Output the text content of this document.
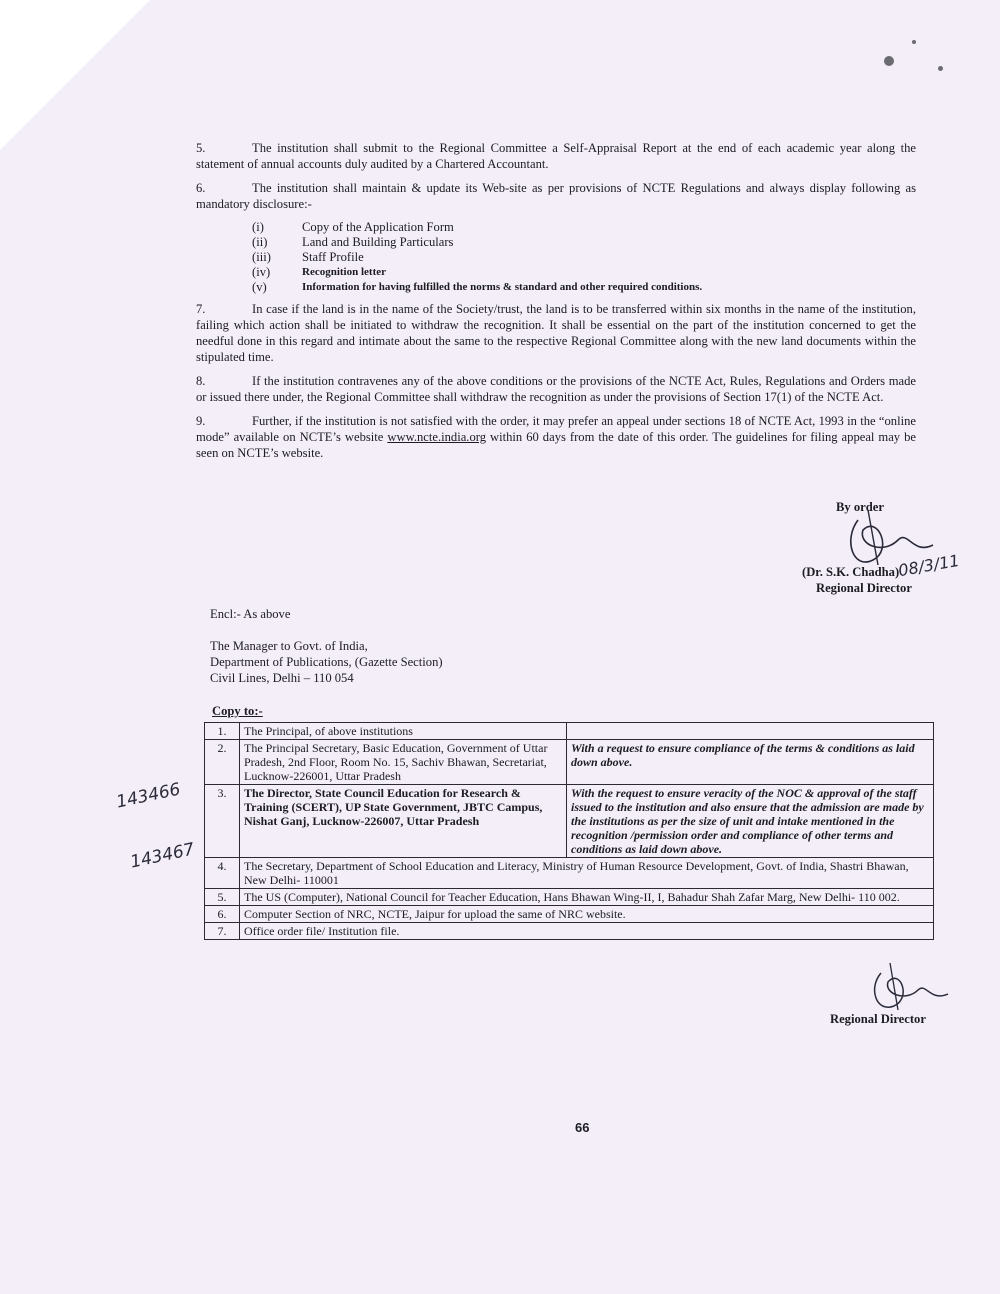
5.	The institution shall submit to the Regional Committee a Self-Appraisal Report at the end of each academic year along the statement of annual accounts duly audited by a Chartered Accountant.

6.	The institution shall maintain & update its Web-site as per provisions of NCTE Regulations and always display following as mandatory disclosure:-

(i)	Copy of the Application Form
(ii)	Land and Building Particulars
(iii)	Staff Profile
(iv)	Recognition letter
(v)	Information for having fulfilled the norms & standard and other required conditions.

7.	In case if the land is in the name of the Society/trust, the land is to be transferred within six months in the name of the institution, failing which action shall be initiated to withdraw the recognition. It shall be essential on the part of the institution concerned to get the needful done in this regard and intimate about the same to the respective Regional Committee along with the new land documents within the stipulated time.

8.	If the institution contravenes any of the above conditions or the provisions of the NCTE Act, Rules, Regulations and Orders made or issued there under, the Regional Committee shall withdraw the recognition as under the provisions of Section 17(1) of the NCTE Act.

9.	Further, if the institution is not satisfied with the order, it may prefer an appeal under sections 18 of NCTE Act, 1993 in the “online mode” available on NCTE’s website www.ncte.india.org within 60 days from the date of this order. The guidelines for filing appeal may be seen on NCTE’s website.

By order
(Dr. S.K. Chadha)
08/3/11
Regional Director
Encl:- As above
The Manager to Govt. of India,
Department of Publications, (Gazette Section)
Civil Lines, Delhi – 110 054
Copy to:-
1.	The Principal, of above institutions	
2.	The Principal Secretary, Basic Education, Government of Uttar Pradesh, 2nd Floor, Room No. 15, Sachiv Bhawan, Secretariat, Lucknow-226001, Uttar Pradesh	With a request to ensure compliance of the terms & conditions as laid down above.
3.	The Director, State Council Education for Research & Training (SCERT), UP State Government, JBTC Campus, Nishat Ganj, Lucknow-226007, Uttar Pradesh	With the request to ensure veracity of the NOC & approval of the staff issued to the institution and also ensure that the admission are made by the institutions as per the size of unit and intake mentioned in the recognition /permission order and compliance of other terms and conditions as laid down above.
4.	The Secretary, Department of School Education and Literacy, Ministry of Human Resource Development, Govt. of India, Shastri Bhawan, New Delhi- 110001	
5.	The US (Computer), National Council for Teacher Education, Hans Bhawan Wing-II, I, Bahadur Shah Zafar Marg, New Delhi- 110 002.	
6.	Computer Section of NRC, NCTE, Jaipur for upload the same of NRC website.	
7.	Office order file/ Institution file.	
143466
143467
Regional Director
66
